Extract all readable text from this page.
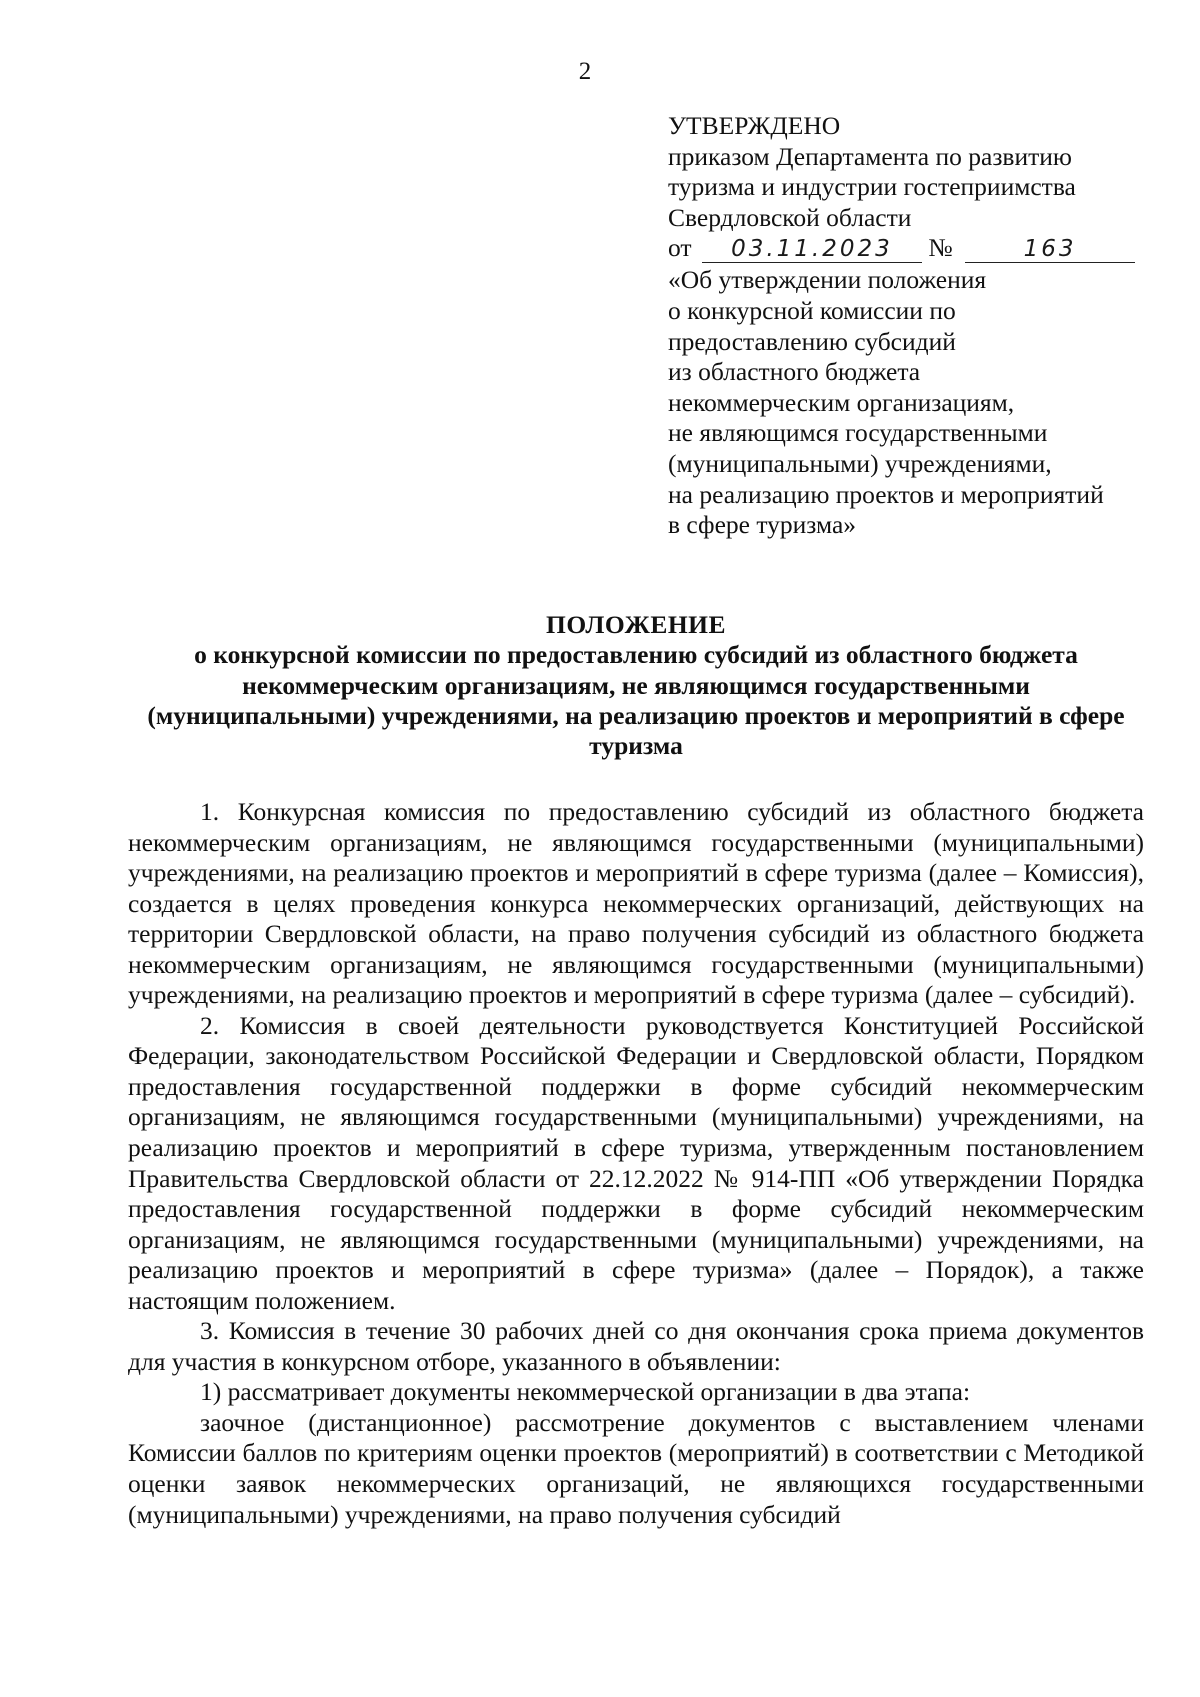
2
УТВЕРЖДЕНО
приказом Департамента по развитию
туризма и индустрии гостеприимства
Свердловской области
от 03.11.2023 №	163
«Об утверждении положения
о конкурсной комиссии по
предоставлению субсидий
из областного бюджета
некоммерческим организациям,
не являющимся государственными
(муниципальными) учреждениями,
на реализацию проектов и мероприятий
в сфере туризма»
ПОЛОЖЕНИЕ
о конкурсной комиссии по предоставлению субсидий из областного бюджета
некоммерческим организациям, не являющимся государственными
(муниципальными) учреждениями, на реализацию проектов и мероприятий в сфере
туризма

1. Конкурсная комиссия по предоставлению субсидий из областного бюджета некоммерческим организациям, не являющимся государственными (муниципальными) учреждениями, на реализацию проектов и мероприятий в сфере туризма (далее – Комиссия), создается в целях проведения конкурса некоммерческих организаций, действующих на территории Свердловской области, на право получения субсидий из областного бюджета некоммерческим организациям, не являющимся государственными (муниципальными) учреждениями, на реализацию проектов и мероприятий в сфере туризма (далее – субсидий).

2. Комиссия в своей деятельности руководствуется Конституцией Российской Федерации, законодательством Российской Федерации и Свердловской области, Порядком предоставления государственной поддержки в форме субсидий некоммерческим организациям, не являющимся государственными (муниципальными) учреждениями, на реализацию проектов и мероприятий в сфере туризма, утвержденным постановлением Правительства Свердловской области от 22.12.2022 № 914-ПП «Об утверждении Порядка предоставления государственной поддержки в форме субсидий некоммерческим организациям, не являющимся государственными (муниципальными) учреждениями, на реализацию проектов и мероприятий в сфере туризма» (далее – Порядок), а также настоящим положением.

3. Комиссия в течение 30 рабочих дней со дня окончания срока приема документов для участия в конкурсном отборе, указанного в объявлении:

1) рассматривает документы некоммерческой организации в два этапа:

заочное (дистанционное) рассмотрение документов с выставлением членами Комиссии баллов по критериям оценки проектов (мероприятий) в соответствии с Методикой оценки заявок некоммерческих организаций, не являющихся государственными (муниципальными) учреждениями, на право получения субсидий
